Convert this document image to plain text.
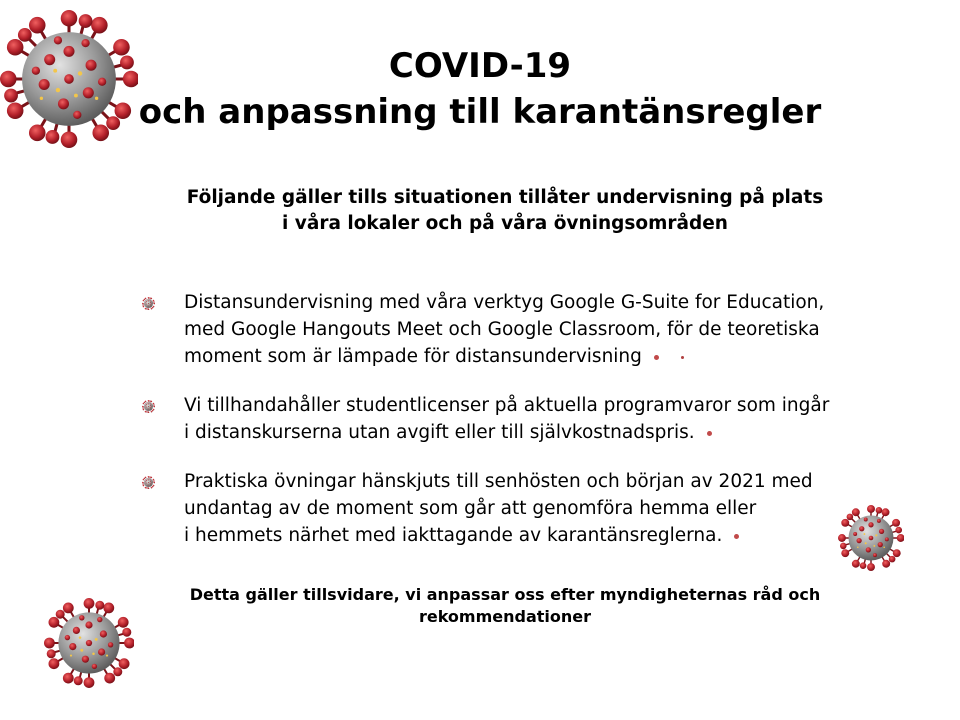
COVID-19
och anpassning till karantänsregler

Följande gäller tills situationen tillåter undervisning på plats
i våra lokaler och på våra övningsområden

Distansundervisning med våra verktyg Google G-Suite for Education,
med Google Hangouts Meet och Google Classroom, för de teoretiska
moment som är lämpade för distansundervisning
Vi tillhandahåller studentlicenser på aktuella programvaror som ingår
i distanskurserna utan avgift eller till självkostnadspris.
Praktiska övningar hänskjuts till senhösten och början av 2021 med
undantag av de moment som går att genomföra hemma eller
i hemmets närhet med iakttagande av karantänsreglerna.

Detta gäller tillsvidare, vi anpassar oss efter myndigheternas råd och
rekommendationer
